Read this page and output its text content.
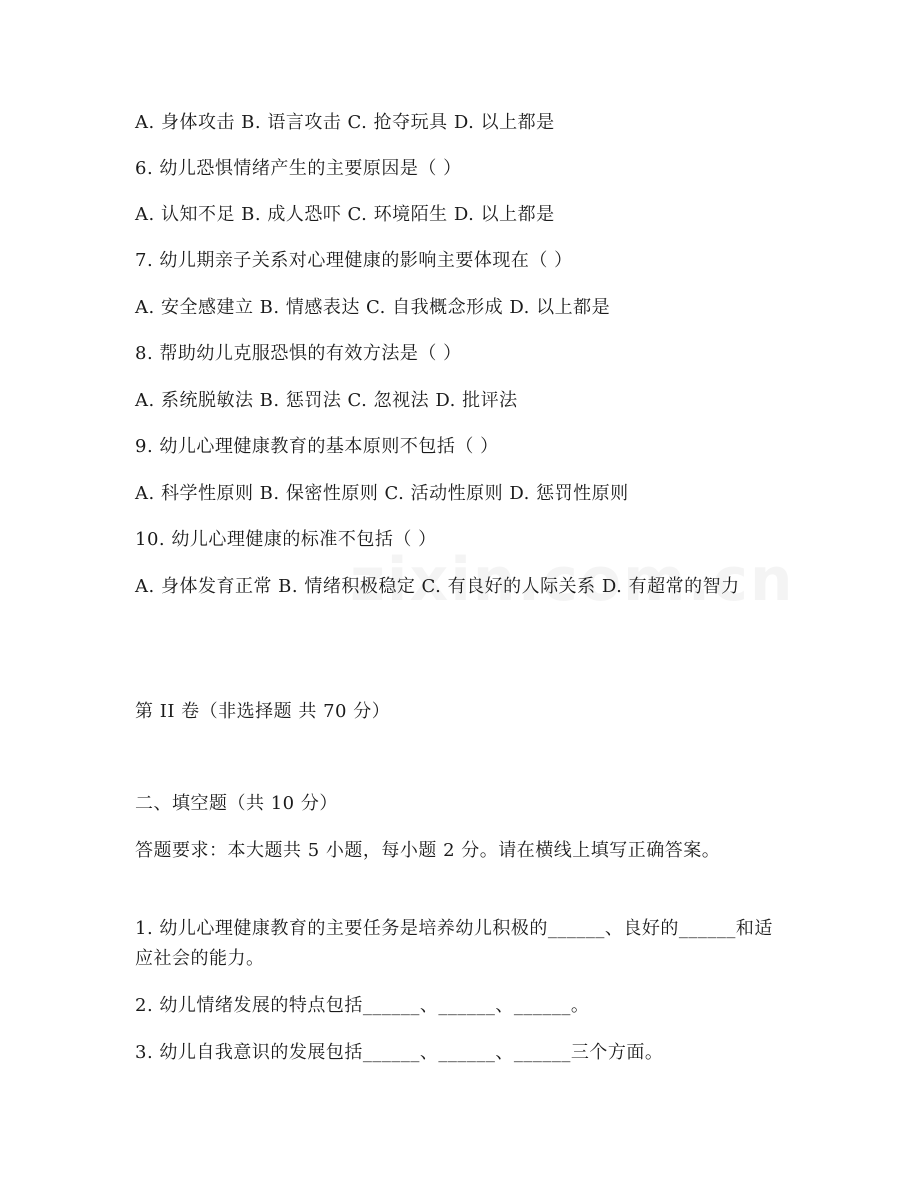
A. 身体攻击 B. 语言攻击 C. 抢夺玩具 D. 以上都是
6. 幼儿恐惧情绪产生的主要原因是（ ）
A. 认知不足 B. 成人恐吓 C. 环境陌生 D. 以上都是
7. 幼儿期亲子关系对心理健康的影响主要体现在（ ）
A. 安全感建立 B. 情感表达 C. 自我概念形成 D. 以上都是
8. 帮助幼儿克服恐惧的有效方法是（ ）
A. 系统脱敏法 B. 惩罚法 C. 忽视法 D. 批评法
9. 幼儿心理健康教育的基本原则不包括（ ）
A. 科学性原则 B. 保密性原则 C. 活动性原则 D. 惩罚性原则
10. 幼儿心理健康的标准不包括（ ）
A. 身体发育正常 B. 情绪积极稳定 C. 有良好的人际关系 D. 有超常的智力
第 II 卷（非选择题 共 70 分）
二、填空题（共 10 分）
答题要求：本大题共 5 小题，每小题 2 分。请在横线上填写正确答案。
1. 幼儿心理健康教育的主要任务是培养幼儿积极的______、良好的______和适应社会的能力。
2. 幼儿情绪发展的特点包括______、______、______。
3. 幼儿自我意识的发展包括______、______、______三个方面。
